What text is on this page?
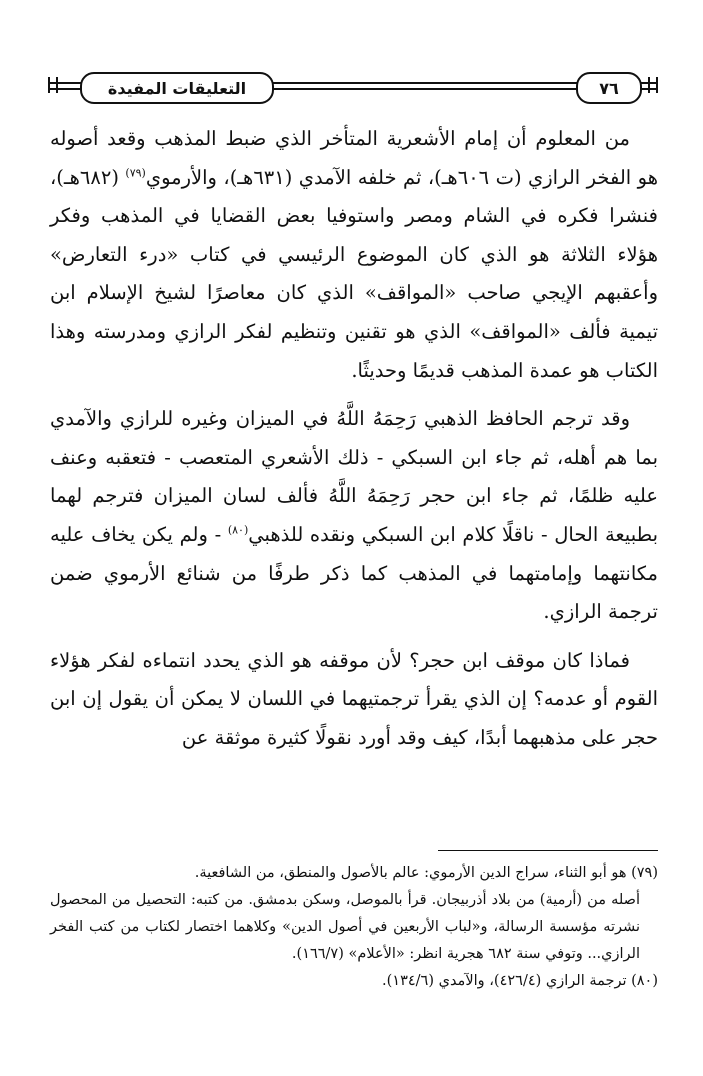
التعليقات المفيدة	٧٦

من المعلوم أن إمام الأشعرية المتأخر الذي ضبط المذهب وقعد أصوله هو الفخر الرازي (ت ٦٠٦هـ)، ثم خلفه الآمدي (٦٣١هـ)، والأرموي$^{(٧٩)}$ (٦٨٢هـ)، فنشرا فكره في الشام ومصر واستوفيا بعض القضايا في المذهب وفكر هؤلاء الثلاثة هو الذي كان الموضوع الرئيسي في كتاب «درء التعارض» وأعقبهم الإيجي صاحب «المواقف» الذي كان معاصرًا لشيخ الإسلام ابن تيمية فألف «المواقف» الذي هو تقنين وتنظيم لفكر الرازي ومدرسته وهذا الكتاب هو عمدة المذهب قديمًا وحديثًا.

وقد ترجم الحافظ الذهبي رَحِمَهُ اللَّهُ في الميزان وغيره للرازي والآمدي بما هم أهله، ثم جاء ابن السبكي - ذلك الأشعري المتعصب - فتعقبه وعنف عليه ظلمًا، ثم جاء ابن حجر رَحِمَهُ اللَّهُ فألف لسان الميزان فترجم لهما بطبيعة الحال - ناقلًا كلام ابن السبكي ونقده للذهبي$^{(٨٠)}$ - ولم يكن يخاف عليه مكانتهما وإمامتهما في المذهب كما ذكر طرفًا من شنائع الأرموي ضمن ترجمة الرازي.

فماذا كان موقف ابن حجر؟ لأن موقفه هو الذي يحدد انتماءه لفكر هؤلاء القوم أو عدمه؟ إن الذي يقرأ ترجمتيهما في اللسان لا يمكن أن يقول إن ابن حجر على مذهبهما أبدًا، كيف وقد أورد نقولًا كثيرة موثقة عن

(٧٩) هو أبو الثناء، سراج الدين الأرموي: عالم بالأصول والمنطق، من الشافعية.

أصله من (أرمية) من بلاد أذربيجان. قرأ بالموصل، وسكن بدمشق. من كتبه: التحصيل من المحصول نشرته مؤسسة الرسالة، و«لباب الأربعين في أصول الدين» وكلاهما اختصار لكتاب من كتب الفخر الرازي... وتوفي سنة ٦٨٢ هجرية انظر: «الأعلام» (١٦٦/٧).

(٨٠) ترجمة الرازي (٤٢٦/٤)، والآمدي (١٣٤/٦).
